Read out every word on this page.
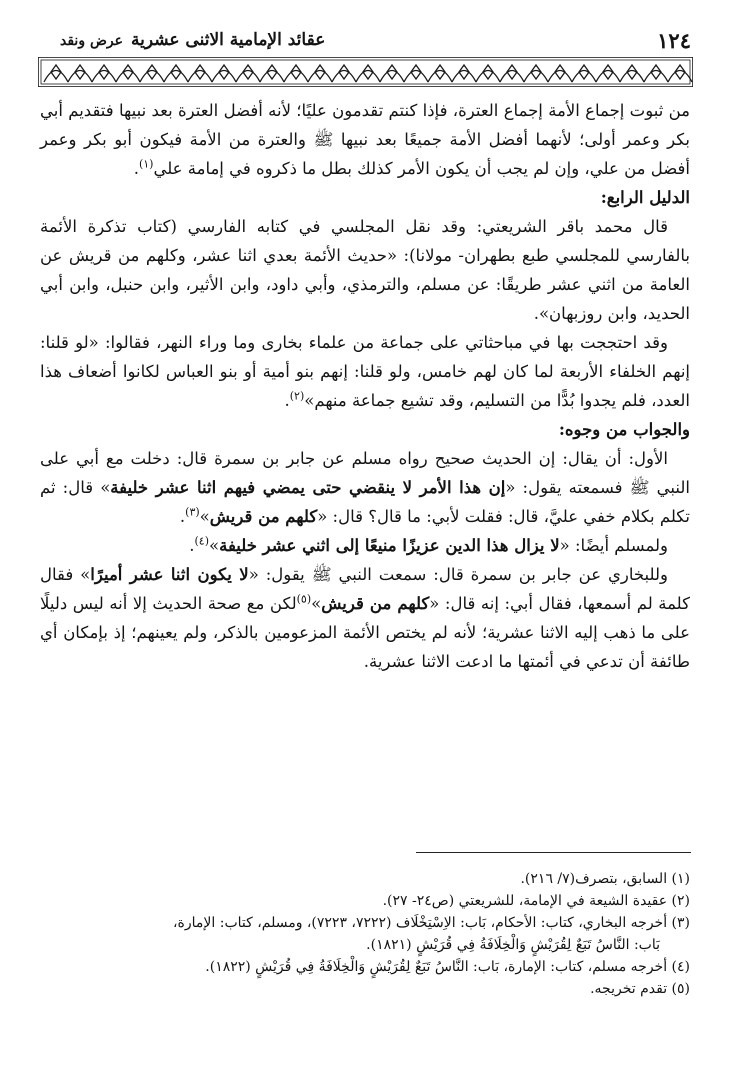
١٢٤
عقائد الإمامية الاثنى عشريةعرض ونقد

من ثبوت إجماع الأمة إجماع العترة، فإذا كنتم تقدمون عليًا؛ لأنه أفضل العترة بعد نبيها فتقديم أبي بكر وعمر أولى؛ لأنهما أفضل الأمة جميعًا بعد نبيها ﷺ والعترة من الأمة فيكون أبو بكر وعمر أفضل من علي، وإن لم يجب أن يكون الأمر كذلك بطل ما ذكروه في إمامة علي$^{(١)}$.

الدليل الرابع:

قال محمد باقر الشريعتي: وقد نقل المجلسي في كتابه الفارسي (كتاب تذكرة الأئمة بالفارسي للمجلسي طبع بطهران- مولانا): «حديث الأئمة بعدي اثنا عشر، وكلهم من قريش عن العامة من اثني عشر طريقًا: عن مسلم، والترمذي، وأبي داود، وابن الأثير، وابن حنبل، وابن أبي الحديد، وابن روزبهان».

وقد احتججت بها في مباحثاتي على جماعة من علماء بخارى وما وراء النهر، فقالوا: «لو قلنا: إنهم الخلفاء الأربعة لما كان لهم خامس، ولو قلنا: إنهم بنو أمية أو بنو العباس لكانوا أضعاف هذا العدد، فلم يجدوا بُدًّا من التسليم، وقد تشيع جماعة منهم»$^{(٢)}$.

والجواب من وجوه:

الأول: أن يقال: إن الحديث صحيح رواه مسلم عن جابر بن سمرة قال: دخلت مع أبي على النبي ﷺ فسمعته يقول: «إن هذا الأمر لا ينقضي حتى يمضي فيهم اثنا عشر خليفة» قال: ثم تكلم بكلام خفي عليَّ، قال: فقلت لأبي: ما قال؟ قال: «كلهم من قريش»$^{(٣)}$.

ولمسلم أيضًا: «لا يزال هذا الدين عزيزًا منيعًا إلى اثني عشر خليفة»$^{(٤)}$.

وللبخاري عن جابر بن سمرة قال: سمعت النبي ﷺ يقول: «لا يكون اثنا عشر أميرًا» فقال كلمة لم أسمعها، فقال أبي: إنه قال: «كلهم من قريش»$^{(٥)}$لكن مع صحة الحديث إلا أنه ليس دليلًا على ما ذهب إليه الاثنا عشرية؛ لأنه لم يختص الأئمة المزعومين بالذكر، ولم يعينهم؛ إذ بإمكان أي طائفة أن تدعي في أئمتها ما ادعت الاثنا عشرية.

(١) السابق، بتصرف(٧/ ٢١٦).
(٢) عقيدة الشيعة في الإمامة، للشريعتي (ص٢٤- ٢٧).
(٣) أخرجه البخاري، كتاب: الأحكام، بَاب: الاِسْتِخْلَاف (٧٢٢٢، ٧٢٢٣)، ومسلم، كتاب: الإمارة،
بَاب: النَّاسُ تَبَعٌ لِقُرَيْشٍ وَالْخِلَافَةُ فِي قُرَيْشٍ (١٨٢١).
(٤) أخرجه مسلم، كتاب: الإمارة، بَاب: النَّاسُ تَبَعٌ لِقُرَيْشٍ وَالْخِلَافَةُ فِي قُرَيْشٍ (١٨٢٢).
(٥) تقدم تخريجه.
